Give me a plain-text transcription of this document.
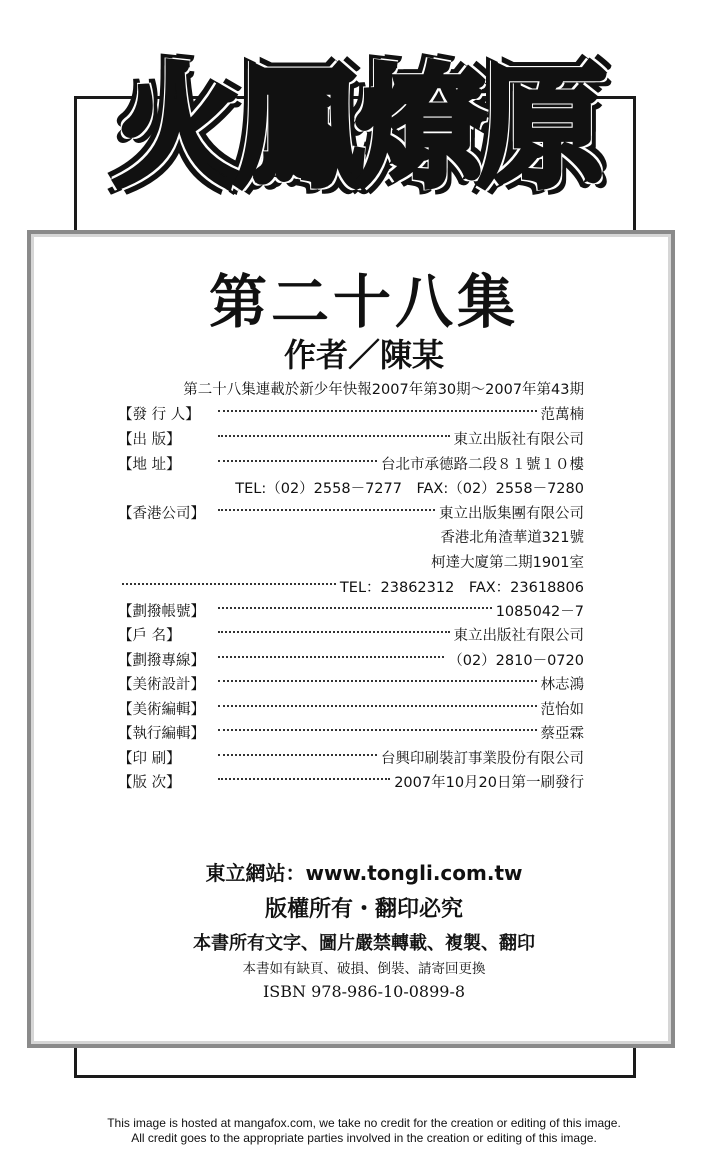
火鳳燎原
第二十八集
作者／陳某
第二十八集連載於新少年快報2007年第30期～2007年第43期
【發 行 人】	范萬楠
【出 版】	東立出版社有限公司
【地 址】	台北市承德路二段８１號１０樓
TEL:（02）2558－7277　FAX:（02）2558－7280
【香港公司】	東立出版集團有限公司
香港北角渣華道321號
柯達大廈第二期1901室
TEL：23862312　FAX：23618806
【劃撥帳號】	1085042－7
【戶 名】	東立出版社有限公司
【劃撥專線】	（02）2810－0720
【美術設計】	林志鴻
【美術編輯】	范怡如
【執行編輯】	蔡亞霖
【印 刷】	台興印刷裝訂事業股份有限公司
【版 次】	2007年10月20日第一刷發行
東立網站：www.tongli.com.tw
版權所有・翻印必究
本書所有文字、圖片嚴禁轉載、複製、翻印
本書如有缺頁、破損、倒裝、請寄回更換
ISBN 978-986-10-0899-8
This image is hosted at mangafox.com, we take no credit for the creation or editing of this image.
All credit goes to the appropriate parties involved in the creation or editing of this image.
